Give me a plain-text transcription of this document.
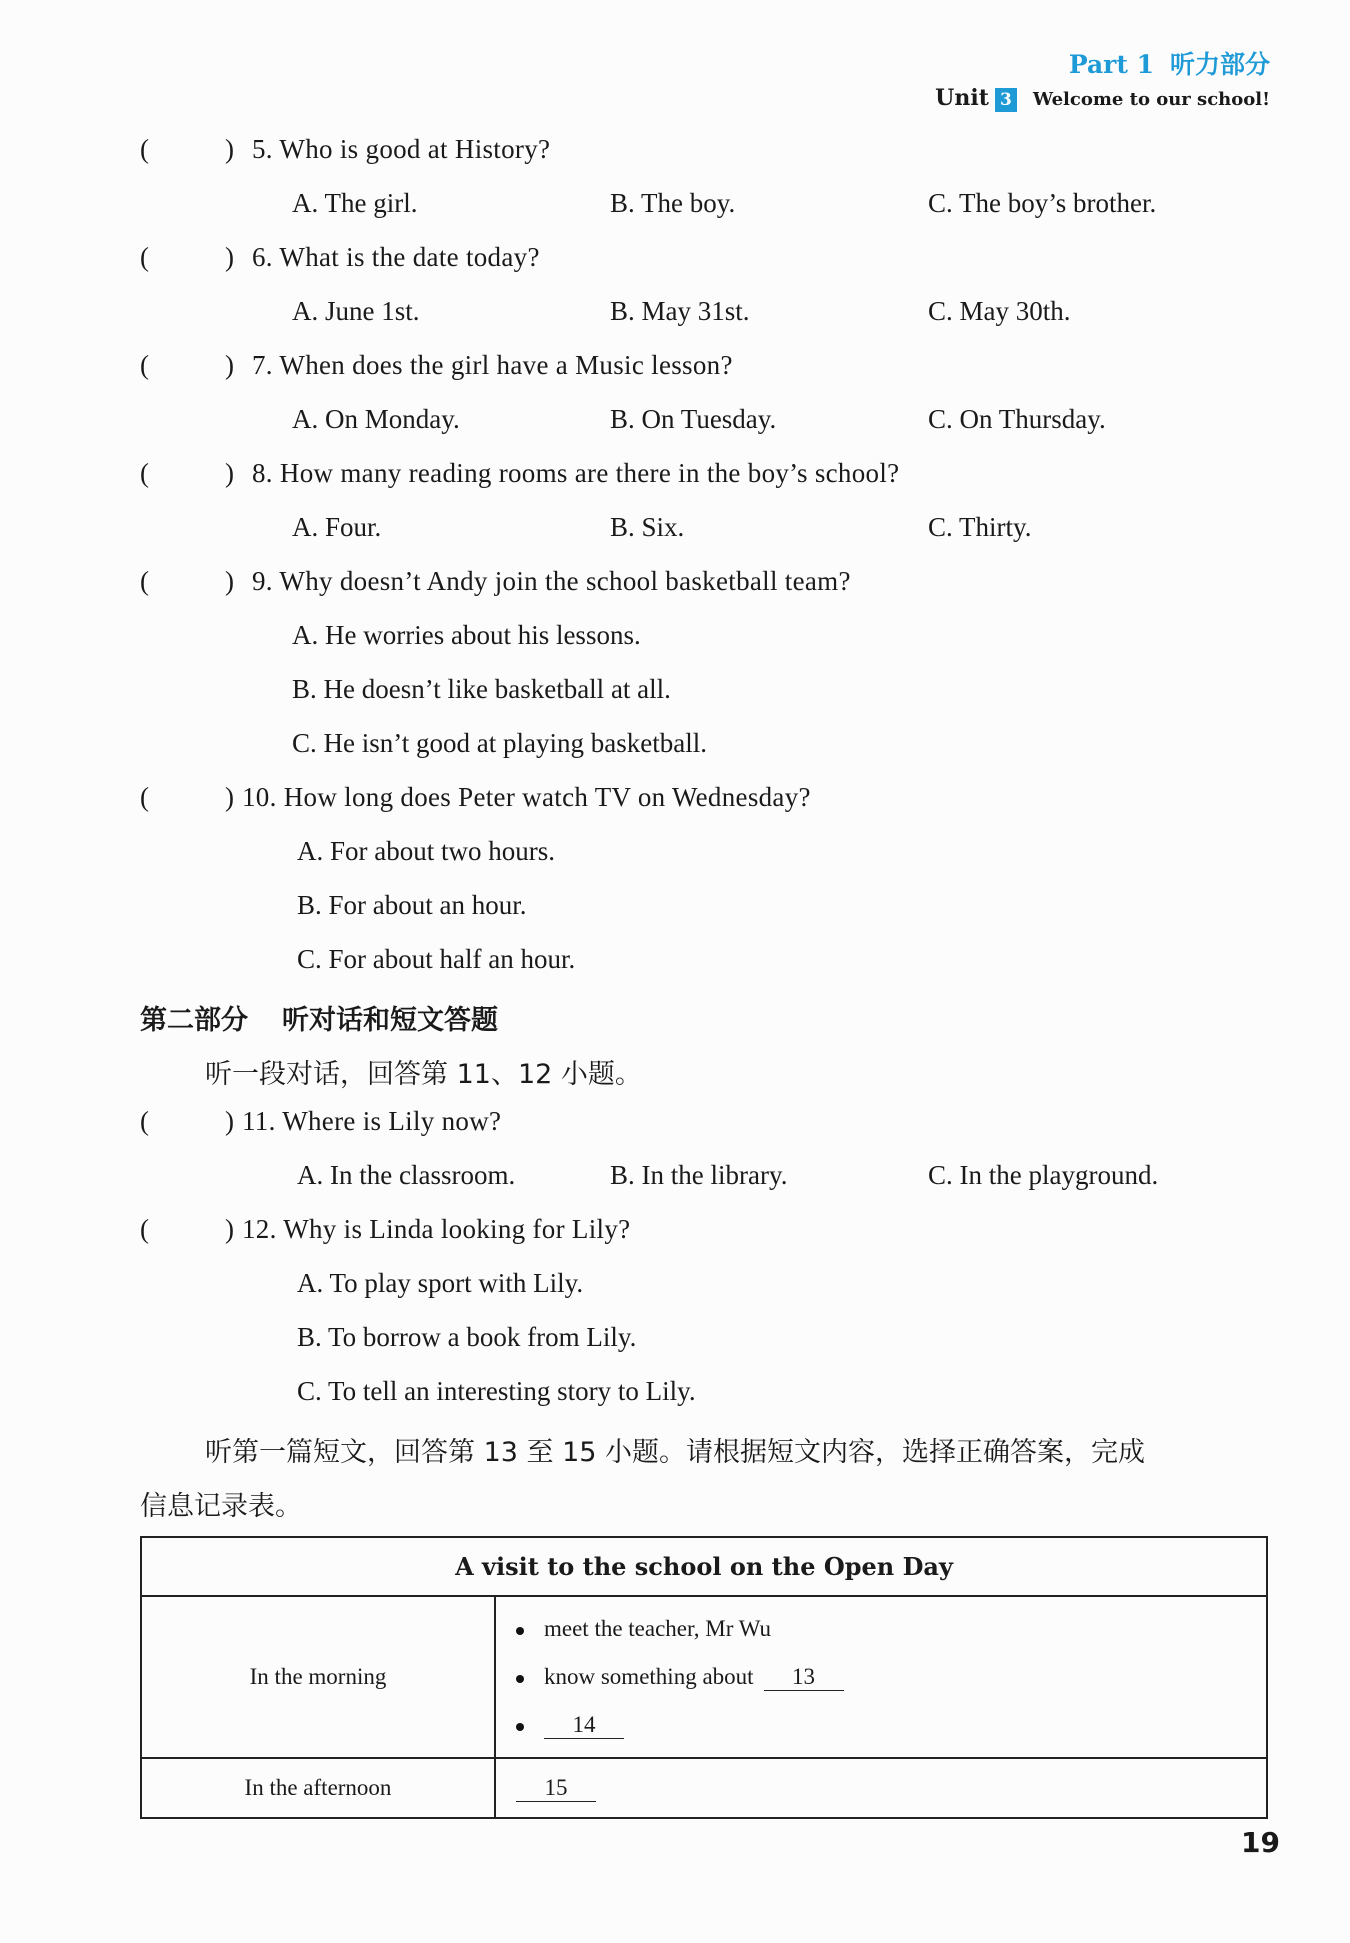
Part 1 听力部分
Unit 3 Welcome to our school!
(	) 5. Who is good at History?
A. The girl.	B. The boy.	C. The boy’s brother.
(	) 6. What is the date today?
A. June 1st.	B. May 31st.	C. May 30th.
(	) 7. When does the girl have a Music lesson?
A. On Monday.	B. On Tuesday.	C. On Thursday.
(	) 8. How many reading rooms are there in the boy’s school?
A. Four.	B. Six.	C. Thirty.
(	) 9. Why doesn’t Andy join the school basketball team?
A. He worries about his lessons.
B. He doesn’t like basketball at all.
C. He isn’t good at playing basketball.
(	) 10. How long does Peter watch TV on Wednesday?
A. For about two hours.
B. For about an hour.
C. For about half an hour.
第二部分 听对话和短文答题
听一段对话，回答第 11、12 小题。
(	) 11. Where is Lily now?
A. In the classroom.	B. In the library.	C. In the playground.
(	) 12. Why is Linda looking for Lily?
A. To play sport with Lily.
B. To borrow a book from Lily.
C. To tell an interesting story to Lily.
听第一篇短文，回答第 13 至 15 小题。请根据短文内容，选择正确答案，完成
信息记录表。
A visit to the school on the Open Day	
In the morning	meet the teacher, Mr Wu
know something about 13
14

In the afternoon	15
19
